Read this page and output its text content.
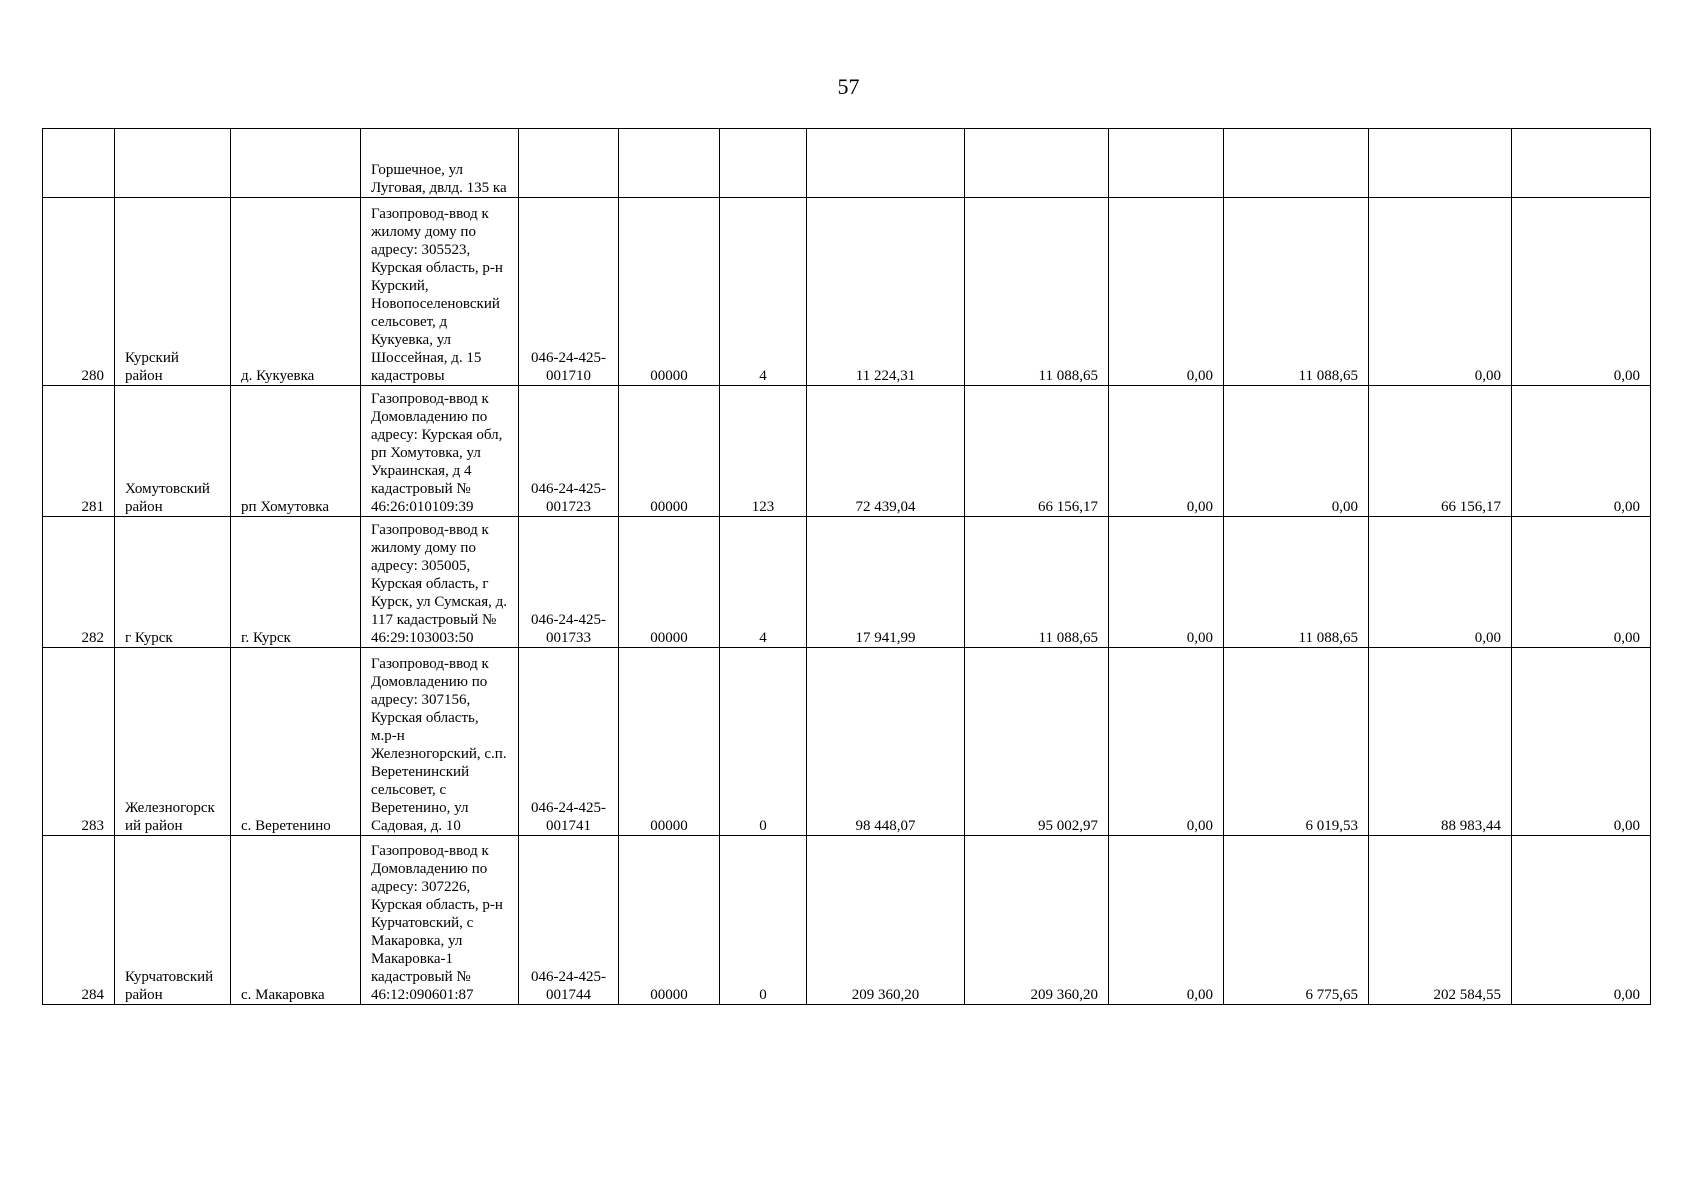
57
			Горшечное, ул Луговая, двлд. 135 ка									
280	Курский район	д. Кукуевка	Газопровод-ввод к жилому дому по адресу: 305523, Курская область, р-н Курский, Новопоселеновский сельсовет, д Кукуевка, ул Шоссейная, д. 15 кадастровы	046-24-425-001710	00000	4	11 224,31	11 088,65	0,00	11 088,65	0,00	0,00
281	Хомутовский район	рп Хомутовка	Газопровод-ввод к Домовладению по адресу: Курская обл, рп Хомутовка, ул Украинская, д 4 кадастровый № 46:26:010109:39	046-24-425-001723	00000	123	72 439,04	66 156,17	0,00	0,00	66 156,17	0,00
282	г Курск	г. Курск	Газопровод-ввод к жилому дому по адресу: 305005, Курская область, г Курск, ул Сумская, д. 117 кадастровый № 46:29:103003:50	046-24-425-001733	00000	4	17 941,99	11 088,65	0,00	11 088,65	0,00	0,00
283	Железногорский район	с. Веретенино	Газопровод-ввод к Домовладению по адресу: 307156, Курская область, м.р-н Железногорский, с.п. Веретенинский сельсовет, с Веретенино, ул Садовая, д. 10	046-24-425-001741	00000	0	98 448,07	95 002,97	0,00	6 019,53	88 983,44	0,00
284	Курчатовский район	с. Макаровка	Газопровод-ввод к Домовладению по адресу: 307226, Курская область, р-н Курчатовский, с Макаровка, ул Макаровка-1 кадастровый № 46:12:090601:87	046-24-425-001744	00000	0	209 360,20	209 360,20	0,00	6 775,65	202 584,55	0,00
